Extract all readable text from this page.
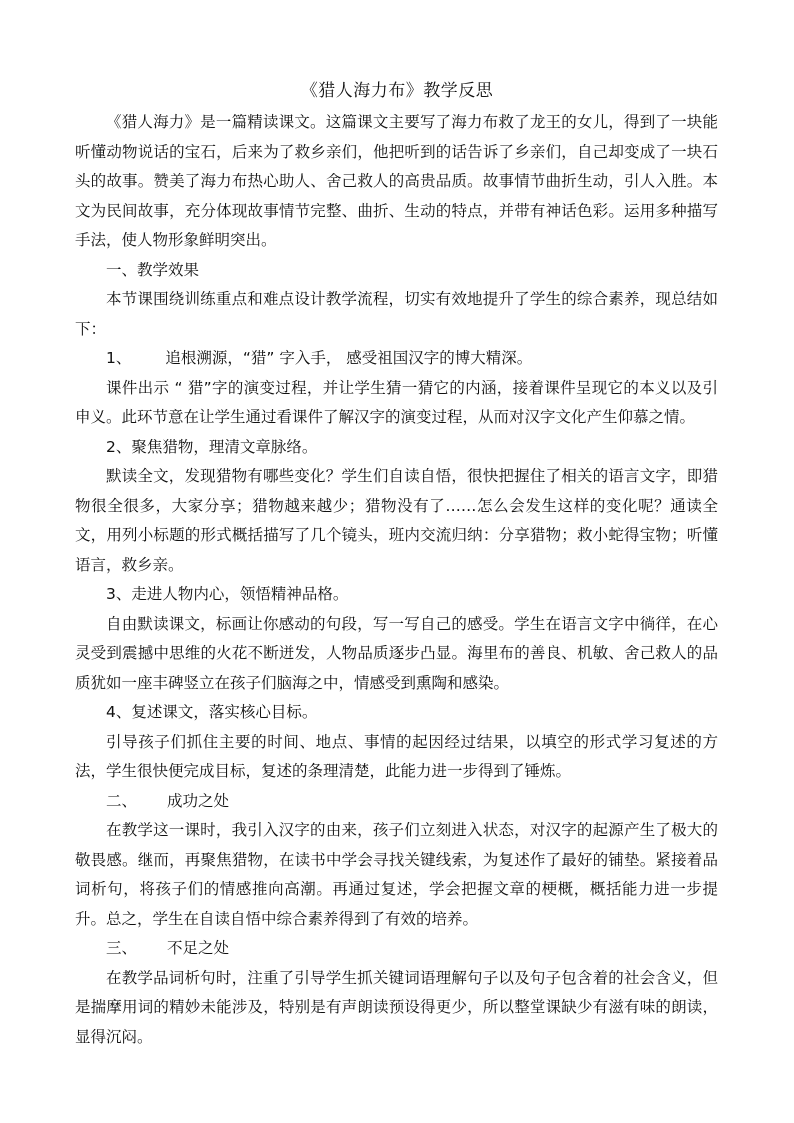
《猎人海力布》教学反思

《猎人海力》是一篇精读课文。这篇课文主要写了海力布救了龙王的女儿，得到了一块能听懂动物说话的宝石，后来为了救乡亲们，他把听到的话告诉了乡亲们，自己却变成了一块石头的故事。赞美了海力布热心助人、舍己救人的高贵品质。故事情节曲折生动，引人入胜。本文为民间故事，充分体现故事情节完整、曲折、生动的特点，并带有神话色彩。运用多种描写手法，使人物形象鲜明突出。

一、教学效果

本节课围绕训练重点和难点设计教学流程，切实有效地提升了学生的综合素养，现总结如下：

1、 追根溯源，“猎” 字入手， 感受祖国汉字的博大精深。

课件出示 “ 猎”字的演变过程，并让学生猜一猜它的内涵，接着课件呈现它的本义以及引申义。此环节意在让学生通过看课件了解汉字的演变过程，从而对汉字文化产生仰慕之情。

2、聚焦猎物，理清文章脉络。

默读全文，发现猎物有哪些变化？学生们自读自悟，很快把握住了相关的语言文字，即猎物很全很多，大家分享；猎物越来越少；猎物没有了……怎么会发生这样的变化呢？通读全文，用列小标题的形式概括描写了几个镜头，班内交流归纳：分享猎物；救小蛇得宝物；听懂语言，救乡亲。

3、走进人物内心，领悟精神品格。

自由默读课文，标画让你感动的句段，写一写自己的感受。学生在语言文字中徜徉，在心灵受到震撼中思维的火花不断迸发，人物品质逐步凸显。海里布的善良、机敏、舍己救人的品质犹如一座丰碑竖立在孩子们脑海之中，情感受到熏陶和感染。

4、复述课文，落实核心目标。

引导孩子们抓住主要的时间、地点、事情的起因经过结果，以填空的形式学习复述的方法，学生很快便完成目标，复述的条理清楚，此能力进一步得到了锤炼。

二、 成功之处

在教学这一课时，我引入汉字的由来，孩子们立刻进入状态，对汉字的起源产生了极大的敬畏感。继而，再聚焦猎物，在读书中学会寻找关键线索，为复述作了最好的铺垫。紧接着品词析句，将孩子们的情感推向高潮。再通过复述，学会把握文章的梗概，概括能力进一步提升。总之，学生在自读自悟中综合素养得到了有效的培养。

三、 不足之处

在教学品词析句时，注重了引导学生抓关键词语理解句子以及句子包含着的社会含义，但是揣摩用词的精妙未能涉及，特别是有声朗读预设得更少，所以整堂课缺少有滋有味的朗读，显得沉闷。
